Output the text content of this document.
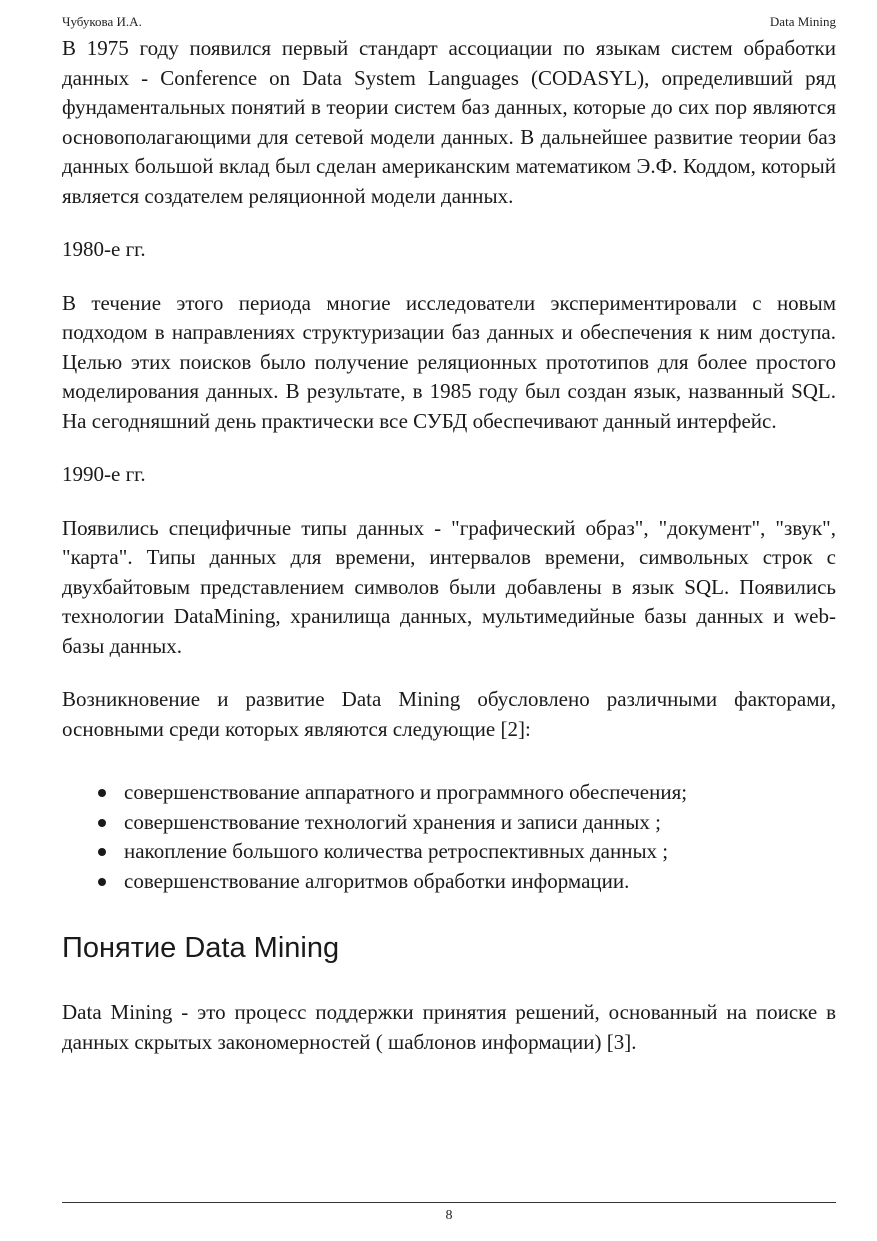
Чубукова И.А.	Data Mining

В 1975 году появился первый стандарт ассоциации по языкам систем обработки данных - Conference on Data System Languages (CODASYL), определивший ряд фундаментальных понятий в теории систем баз данных, которые до сих пор являются основополагающими для сетевой модели данных. В дальнейшее развитие теории баз данных большой вклад был сделан американским математиком Э.Ф. Коддом, который является создателем реляционной модели данных.

1980-е гг.

В течение этого периода многие исследователи экспериментировали с новым подходом в направлениях структуризации баз данных и обеспечения к ним доступа. Целью этих поисков было получение реляционных прототипов для более простого моделирования данных. В результате, в 1985 году был создан язык, названный SQL. На сегодняшний день практически все СУБД обеспечивают данный интерфейс.

1990-е гг.

Появились специфичные типы данных - "графический образ", "документ", "звук", "карта". Типы данных для времени, интервалов времени, символьных строк с двухбайтовым представлением символов были добавлены в язык SQL. Появились технологии DataMining, хранилища данных, мультимедийные базы данных и web-базы данных.

Возникновение и развитие Data Mining обусловлено различными факторами, основными среди которых являются следующие [2]:

совершенствование аппаратного и программного обеспечения;
совершенствование технологий хранения и записи данных ;
накопление большого количества ретроспективных данных ;
совершенствование алгоритмов обработки информации.
Понятие Data Mining

Data Mining - это процесс поддержки принятия решений, основанный на поиске в данных скрытых закономерностей ( шаблонов информации) [3].

8
